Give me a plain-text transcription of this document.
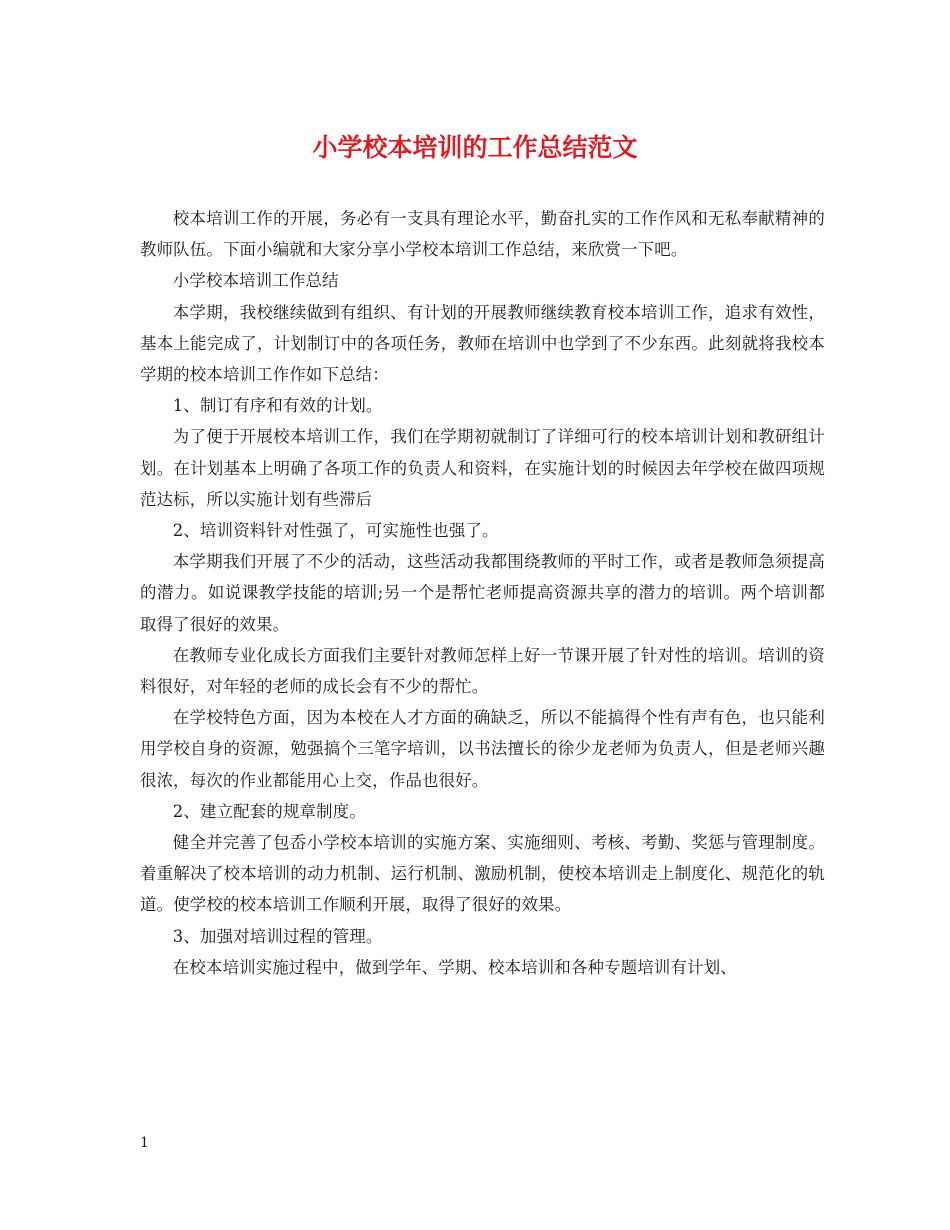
小学校本培训的工作总结范文

校本培训工作的开展，务必有一支具有理论水平，勤奋扎实的工作作风和无私奉献精神的教师队伍。下面小编就和大家分享小学校本培训工作总结，来欣赏一下吧。

小学校本培训工作总结

本学期，我校继续做到有组织、有计划的开展教师继续教育校本培训工作，追求有效性，基本上能完成了，计划制订中的各项任务，教师在培训中也学到了不少东西。此刻就将我校本学期的校本培训工作作如下总结：

1、制订有序和有效的计划。

为了便于开展校本培训工作，我们在学期初就制订了详细可行的校本培训计划和教研组计划。在计划基本上明确了各项工作的负责人和资料，在实施计划的时候因去年学校在做四项规范达标，所以实施计划有些滞后

2、培训资料针对性强了，可实施性也强了。

本学期我们开展了不少的活动，这些活动我都围绕教师的平时工作，或者是教师急须提高的潜力。如说课教学技能的培训;另一个是帮忙老师提高资源共享的潜力的培训。两个培训都取得了很好的效果。

在教师专业化成长方面我们主要针对教师怎样上好一节课开展了针对性的培训。培训的资料很好，对年轻的老师的成长会有不少的帮忙。

在学校特色方面，因为本校在人才方面的确缺乏，所以不能搞得个性有声有色，也只能利用学校自身的资源，勉强搞个三笔字培训，以书法擅长的徐少龙老师为负责人，但是老师兴趣很浓，每次的作业都能用心上交，作品也很好。

2、建立配套的规章制度。

健全并完善了包岙小学校本培训的实施方案、实施细则、考核、考勤、奖惩与管理制度。着重解决了校本培训的动力机制、运行机制、激励机制，使校本培训走上制度化、规范化的轨道。使学校的校本培训工作顺利开展，取得了很好的效果。

3、加强对培训过程的管理。

在校本培训实施过程中，做到学年、学期、校本培训和各种专题培训有计划、

1
